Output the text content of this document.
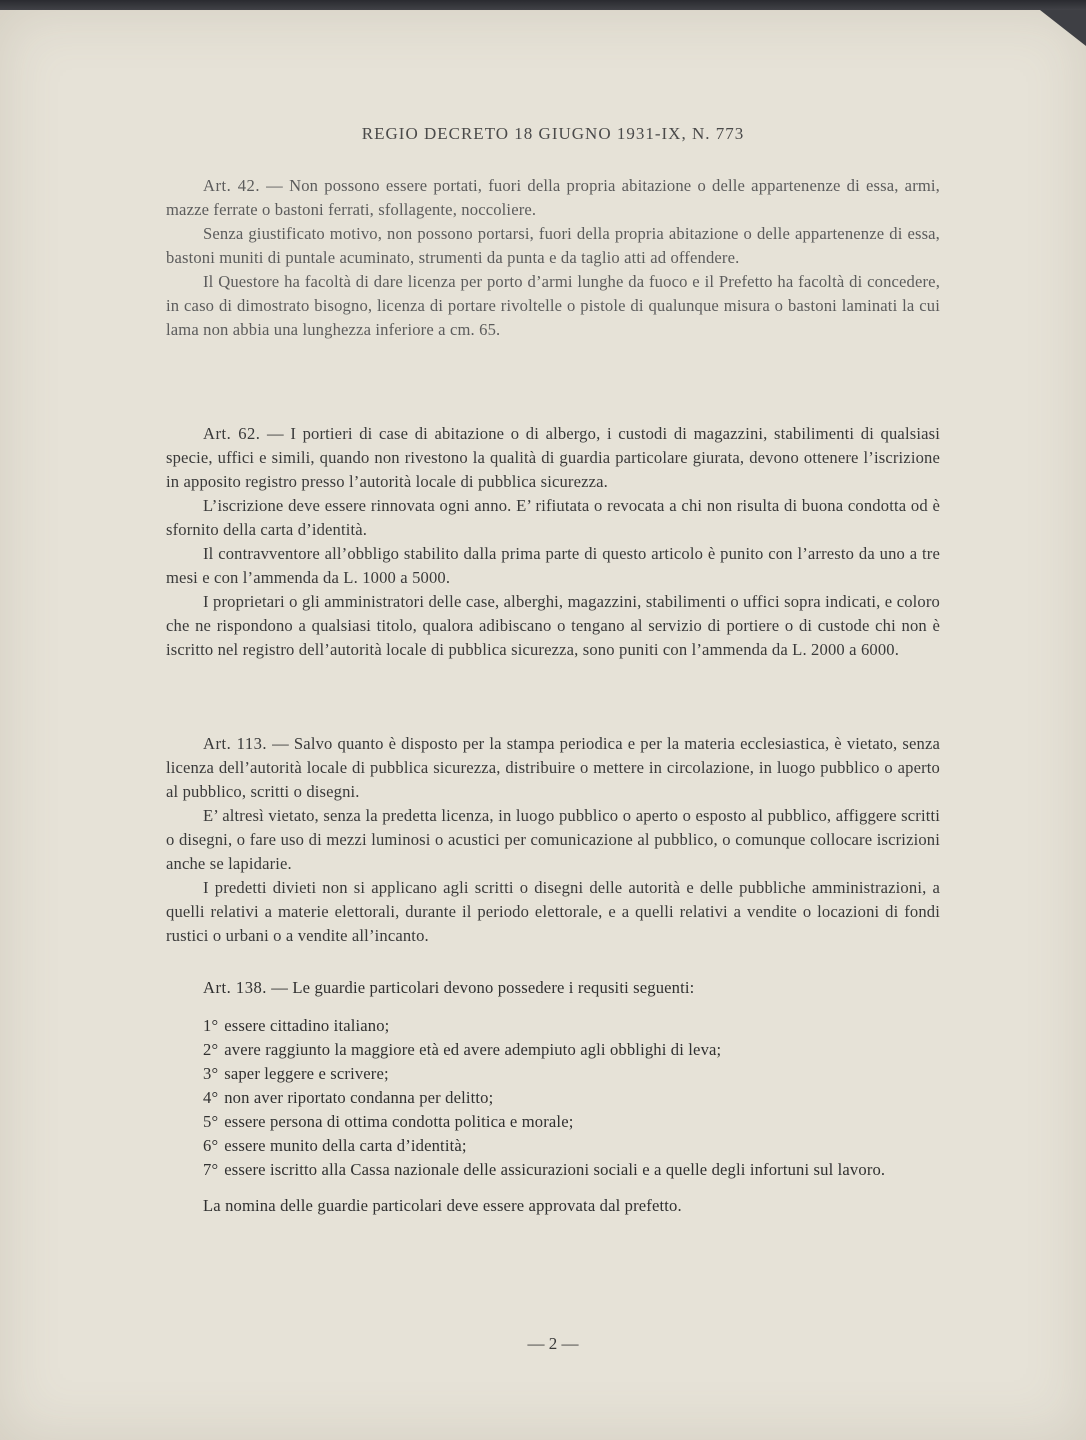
REGIO DECRETO 18 GIUGNO 1931-IX, N. 773

Art. 42. — Non possono essere portati, fuori della propria abitazione o delle appartenenze di essa, armi, mazze ferrate o bastoni ferrati, sfollagente, noccoliere.

Senza giustificato motivo, non possono portarsi, fuori della propria abitazione o delle appartenenze di essa, bastoni muniti di puntale acuminato, strumenti da punta e da taglio atti ad offendere.

Il Questore ha facoltà di dare licenza per porto d’armi lunghe da fuoco e il Prefetto ha facoltà di concedere, in caso di dimostrato bisogno, licenza di portare rivoltelle o pistole di qualunque misura o bastoni laminati la cui lama non abbia una lunghezza inferiore a cm. 65.

Art. 62. — I portieri di case di abitazione o di albergo, i custodi di magazzini, stabilimenti di qualsiasi specie, uffici e simili, quando non rivestono la qualità di guardia particolare giurata, devono ottenere l’iscrizione in apposito registro presso l’autorità locale di pubblica sicurezza.

L’iscrizione deve essere rinnovata ogni anno. E’ rifiutata o revocata a chi non risulta di buona condotta od è sfornito della carta d’identità.

Il contravventore all’obbligo stabilito dalla prima parte di questo articolo è punito con l’arresto da uno a tre mesi e con l’ammenda da L. 1000 a 5000.

I proprietari o gli amministratori delle case, alberghi, magazzini, stabilimenti o uffici sopra indicati, e coloro che ne rispondono a qualsiasi titolo, qualora adibiscano o tengano al servizio di portiere o di custode chi non è iscritto nel registro dell’autorità locale di pubblica sicurezza, sono puniti con l’ammenda da L. 2000 a 6000.

Art. 113. — Salvo quanto è disposto per la stampa periodica e per la materia ecclesiastica, è vietato, senza licenza dell’autorità locale di pubblica sicurezza, distribuire o mettere in circolazione, in luogo pubblico o aperto al pubblico, scritti o disegni.

E’ altresì vietato, senza la predetta licenza, in luogo pubblico o aperto o esposto al pubblico, affiggere scritti o disegni, o fare uso di mezzi luminosi o acustici per comunicazione al pubblico, o comunque collocare iscrizioni anche se lapidarie.

I predetti divieti non si applicano agli scritti o disegni delle autorità e delle pubbliche amministrazioni, a quelli relativi a materie elettorali, durante il periodo elettorale, e a quelli relativi a vendite o locazioni di fondi rustici o urbani o a vendite all’incanto.

Art. 138. — Le guardie particolari devono possedere i requsiti seguenti:

1° essere cittadino italiano;

2° avere raggiunto la maggiore età ed avere adempiuto agli obblighi di leva;

3° saper leggere e scrivere;

4° non aver riportato condanna per delitto;

5° essere persona di ottima condotta politica e morale;

6° essere munito della carta d’identità;

7° essere iscritto alla Cassa nazionale delle assicurazioni sociali e a quelle degli infortuni sul lavoro.

La nomina delle guardie particolari deve essere approvata dal prefetto.

— 2 —
